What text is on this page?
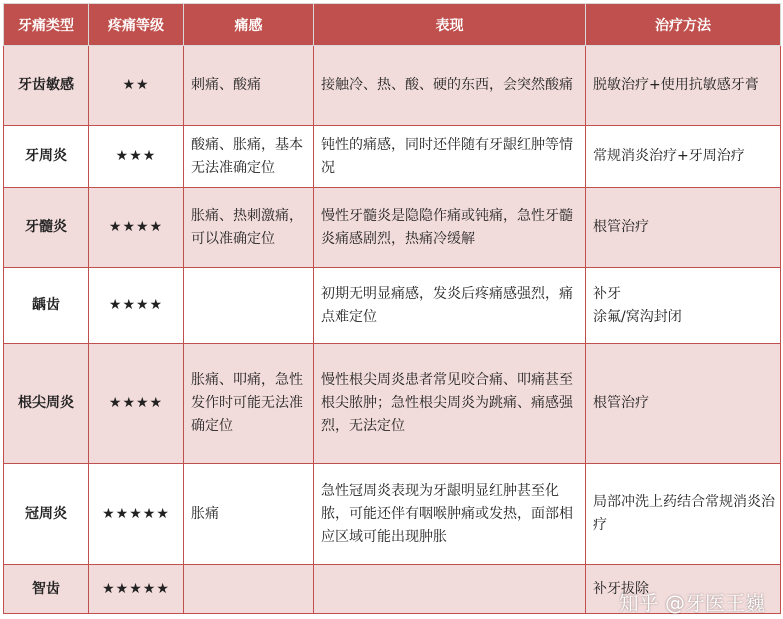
牙痛类型	疼痛等级	痛感	表现	治疗方法
牙齿敏感	★★	刺痛、酸痛	接触冷、热、酸、硬的东西，会突然酸痛	脱敏治疗+使用抗敏感牙膏
牙周炎	★★★	酸痛、胀痛，基本无法准确定位	钝性的痛感，同时还伴随有牙龈红肿等情况	常规消炎治疗+牙周治疗
牙髓炎	★★★★	胀痛、热刺激痛，可以准确定位	慢性牙髓炎是隐隐作痛或钝痛，急性牙髓炎痛感剧烈，热痛冷缓解	根管治疗
龋齿	★★★★		初期无明显痛感，发炎后疼痛感强烈，痛点难定位	补牙
涂氟/窝沟封闭
根尖周炎	★★★★	胀痛、叩痛，急性发作时可能无法准确定位	慢性根尖周炎患者常见咬合痛、叩痛甚至根尖脓肿；急性根尖周炎为跳痛、痛感强烈，无法定位	根管治疗
冠周炎	★★★★★	胀痛	急性冠周炎表现为牙龈明显红肿甚至化脓，可能还伴有咽喉肿痛或发热，面部相应区域可能出现肿胀	局部冲洗上药结合常规消炎治疗
智齿	★★★★★			补牙拔除
知乎 @牙医王巍
